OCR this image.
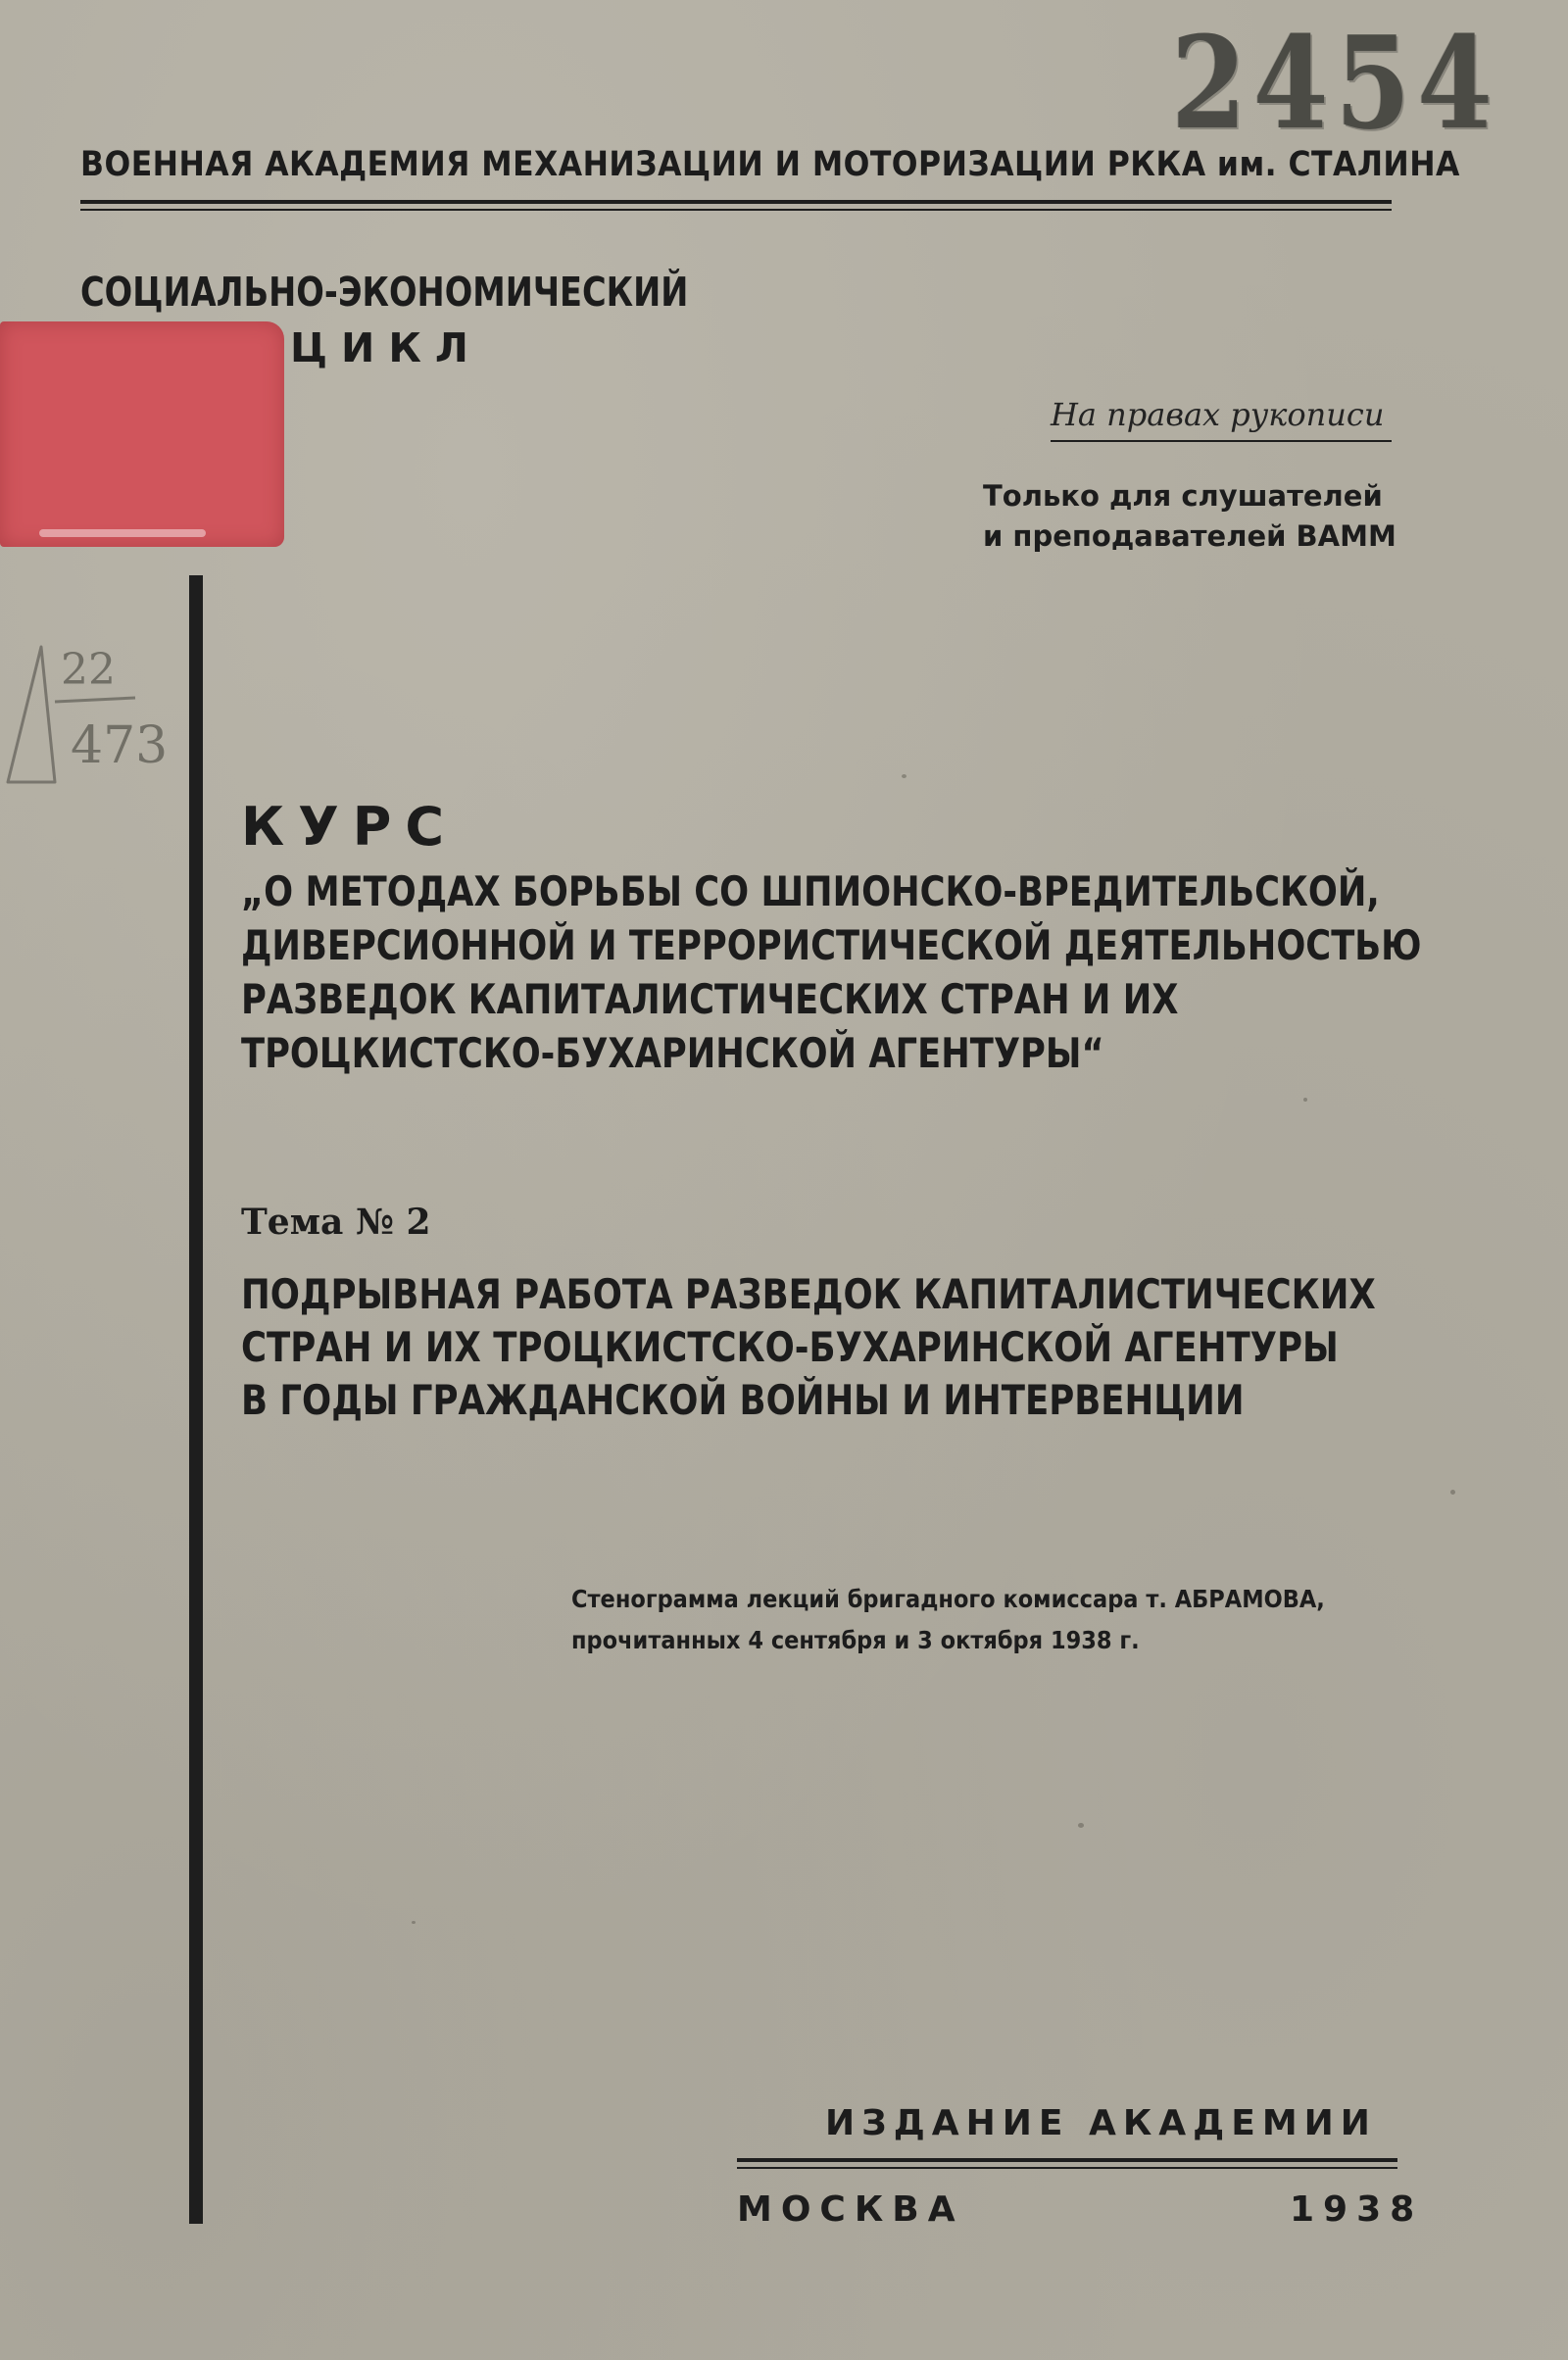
2454
ВОЕННАЯ АКАДЕМИЯ МЕХАНИЗАЦИИ И МОТОРИЗАЦИИ РККА им. СТАЛИНА
СОЦИАЛЬНО-ЭКОНОМИЧЕСКИЙ
ЦИКЛ
На правах рукописи
Только для слушателей
и преподавателей ВАММ
22
473
КУРС
„О МЕТОДАХ БОРЬБЫ СО ШПИОНСКО-ВРЕДИТЕЛЬСКОЙ,
ДИВЕРСИОННОЙ И ТЕРРОРИСТИЧЕСКОЙ ДЕЯТЕЛЬНОСТЬЮ
РАЗВЕДОК КАПИТАЛИСТИЧЕСКИХ СТРАН И ИХ
ТРОЦКИСТСКО-БУХАРИНСКОЙ АГЕНТУРЫ“
Тема № 2
ПОДРЫВНАЯ РАБОТА РАЗВЕДОК КАПИТАЛИСТИЧЕСКИХ
СТРАН И ИХ ТРОЦКИСТСКО-БУХАРИНСКОЙ АГЕНТУРЫ
В ГОДЫ ГРАЖДАНСКОЙ ВОЙНЫ И ИНТЕРВЕНЦИИ
Стенограмма лекций бригадного комиссара т. АБРАМОВА,
прочитанных 4 сентября и 3 октября 1938 г.
ИЗДАНИЕ АКАДЕМИИ
МОСКВА	1938
